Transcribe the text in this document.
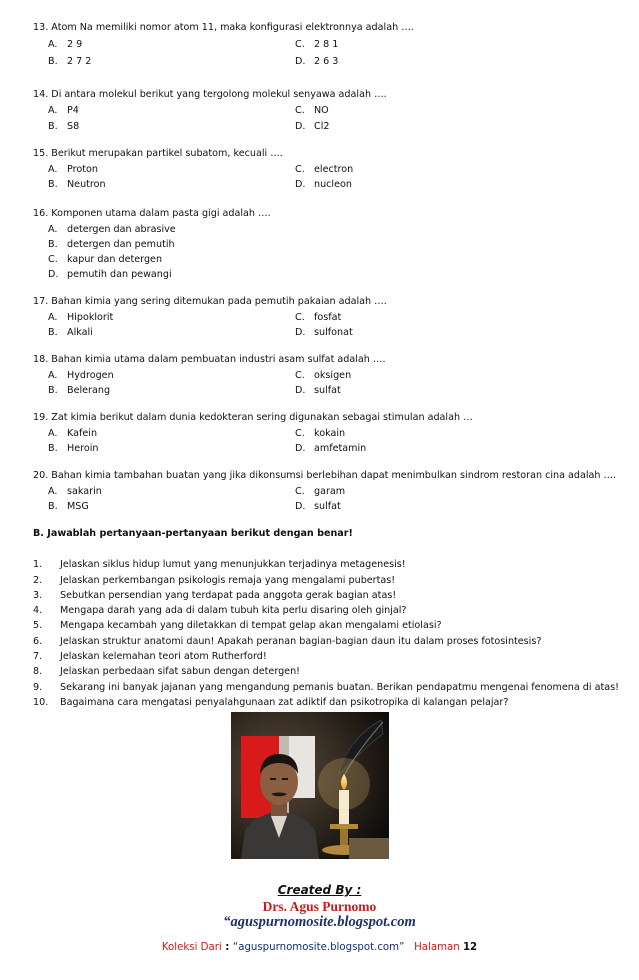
13. Atom Na memiliki nomor atom 11, maka konfigurasi elektronnya adalah ….
A. 2 9	C. 2 8 1
B. 2 7 2	D. 2 6 3
14. Di antara molekul berikut yang tergolong molekul senyawa adalah ….
A. P4	C. NO
B. S8	D. Cl2
15. Berikut merupakan partikel subatom, kecuali ….
A. Proton	C. electron
B. Neutron	D. nucleon
16. Komponen utama dalam pasta gigi adalah ….
A. detergen dan abrasive
B. detergen dan pemutih
C. kapur dan detergen
D. pemutih dan pewangi
17. Bahan kimia yang sering ditemukan pada pemutih pakaian adalah ….
A. Hipoklorit	C. fosfat
B. Alkali	D. sulfonat
18. Bahan kimia utama dalam pembuatan industri asam sulfat adalah ….
A. Hydrogen	C. oksigen
B. Belerang	D. sulfat
19. Zat kimia berikut dalam dunia kedokteran sering digunakan sebagai stimulan adalah …
A. Kafein	C. kokain
B. Heroin	D. amfetamin
20. Bahan kimia tambahan buatan yang jika dikonsumsi berlebihan dapat menimbulkan sindrom restoran cina adalah ….
A. sakarin	C. garam
B. MSG	D. sulfat
B. Jawablah pertanyaan-pertanyaan berikut dengan benar!
1. Jelaskan siklus hidup lumut yang menunjukkan terjadinya metagenesis!
2. Jelaskan perkembangan psikologis remaja yang mengalami pubertas!
3. Sebutkan persendian yang terdapat pada anggota gerak bagian atas!
4. Mengapa darah yang ada di dalam tubuh kita perlu disaring oleh ginjal?
5. Mengapa kecambah yang diletakkan di tempat gelap akan mengalami etiolasi?
6. Jelaskan struktur anatomi daun! Apakah peranan bagian-bagian daun itu dalam proses fotosintesis?
7. Jelaskan kelemahan teori atom Rutherford!
8. Jelaskan perbedaan sifat sabun dengan detergen!
9. Sekarang ini banyak jajanan yang mengandung pemanis buatan. Berikan pendapatmu mengenai fenomena di atas!
10. Bagaimana cara mengatasi penyalahgunaan zat adiktif dan psikotropika di kalangan pelajar?
Created By :
Drs. Agus Purnomo
“aguspurnomosite.blogspot.com
Koleksi Dari : “aguspurnomosite.blogspot.com” Halaman 12
